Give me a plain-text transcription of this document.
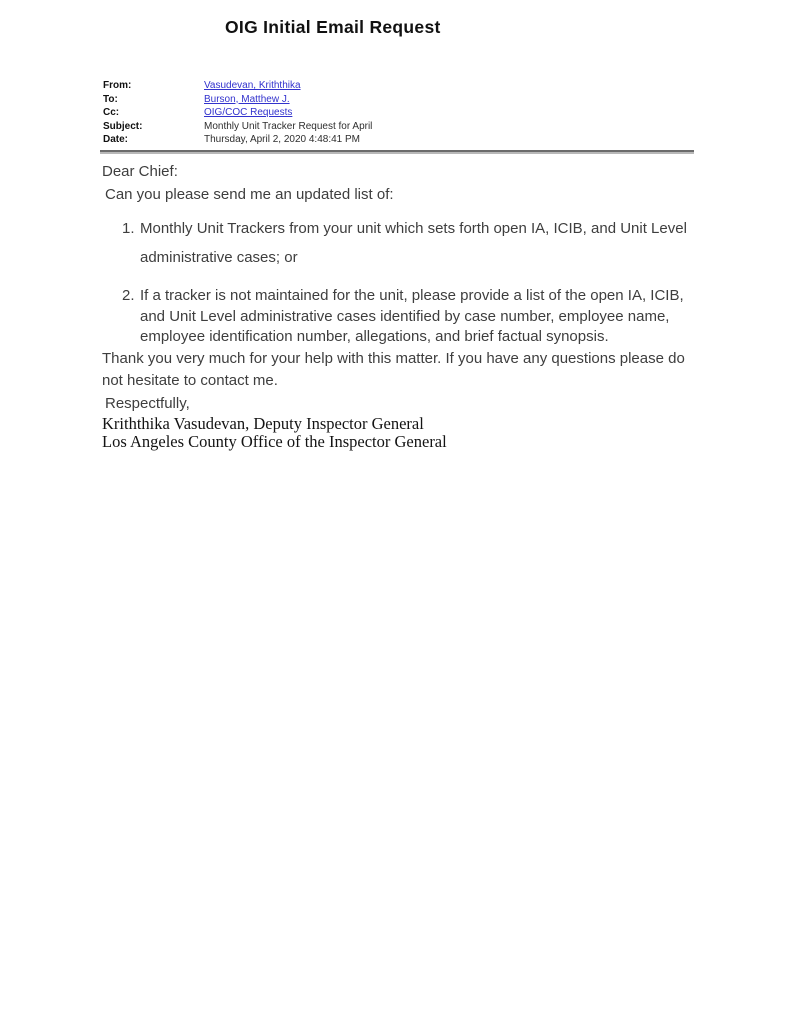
OIG Initial Email Request
From:	Vasudevan, Kriththika
To:	Burson, Matthew J.
Cc:	OIG/COC Requests
Subject:	Monthly Unit Tracker Request for April
Date:	Thursday, April 2, 2020 4:48:41 PM

Dear Chief:

Can you please send me an updated list of:

1. Monthly Unit Trackers from your unit which sets forth open IA, ICIB, and Unit Level administrative cases; or
2. If a tracker is not maintained for the unit, please provide a list of the open IA, ICIB, and Unit Level administrative cases identified by case number, employee name, employee identification number, allegations, and brief factual synopsis.

Thank you very much for your help with this matter. If you have any questions please do not hesitate to contact me.

Respectfully,

Kriththika Vasudevan, Deputy Inspector General

Los Angeles County Office of the Inspector General
